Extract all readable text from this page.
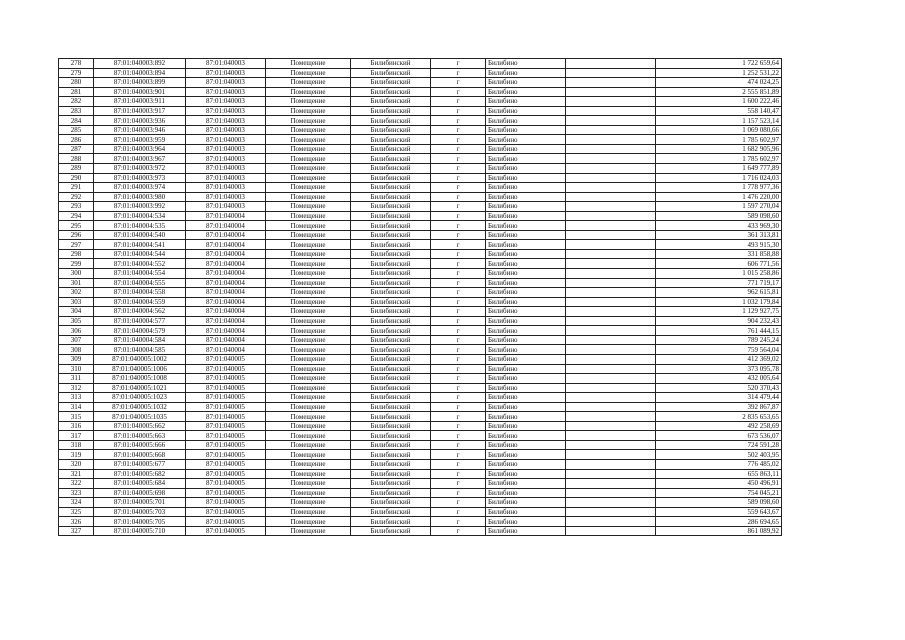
278	87:01:040003:892	87:01:040003	Помещение	Билибинский	г	Билибино		1 722 659,64
279	87:01:040003:894	87:01:040003	Помещение	Билибинский	г	Билибино		1 252 531,22
280	87:01:040003:899	87:01:040003	Помещение	Билибинский	г	Билибино		474 024,25
281	87:01:040003:901	87:01:040003	Помещение	Билибинский	г	Билибино		2 555 851,89
282	87:01:040003:911	87:01:040003	Помещение	Билибинский	г	Билибино		1 600 222,46
283	87:01:040003:917	87:01:040003	Помещение	Билибинский	г	Билибино		558 140,47
284	87:01:040003:936	87:01:040003	Помещение	Билибинский	г	Билибино		1 157 523,14
285	87:01:040003:946	87:01:040003	Помещение	Билибинский	г	Билибино		1 069 080,66
286	87:01:040003:959	87:01:040003	Помещение	Билибинский	г	Билибино		1 785 602,97
287	87:01:040003:964	87:01:040003	Помещение	Билибинский	г	Билибино		1 682 905,96
288	87:01:040003:967	87:01:040003	Помещение	Билибинский	г	Билибино		1 785 602,97
289	87:01:040003:972	87:01:040003	Помещение	Билибинский	г	Билибино		1 649 777,89
290	87:01:040003:973	87:01:040003	Помещение	Билибинский	г	Билибино		1 716 024,03
291	87:01:040003:974	87:01:040003	Помещение	Билибинский	г	Билибино		1 778 977,36
292	87:01:040003:980	87:01:040003	Помещение	Билибинский	г	Билибино		1 476 220,00
293	87:01:040003:992	87:01:040003	Помещение	Билибинский	г	Билибино		1 597 270,04
294	87:01:040004:534	87:01:040004	Помещение	Билибинский	г	Билибино		589 098,60
295	87:01:040004:535	87:01:040004	Помещение	Билибинский	г	Билибино		433 969,30
296	87:01:040004:540	87:01:040004	Помещение	Билибинский	г	Билибино		361 313,81
297	87:01:040004:541	87:01:040004	Помещение	Билибинский	г	Билибино		493 915,30
298	87:01:040004:544	87:01:040004	Помещение	Билибинский	г	Билибино		331 858,88
299	87:01:040004:552	87:01:040004	Помещение	Билибинский	г	Билибино		606 771,56
300	87:01:040004:554	87:01:040004	Помещение	Билибинский	г	Билибино		1 015 258,86
301	87:01:040004:555	87:01:040004	Помещение	Билибинский	г	Билибино		771 719,17
302	87:01:040004:558	87:01:040004	Помещение	Билибинский	г	Билибино		962 615,81
303	87:01:040004:559	87:01:040004	Помещение	Билибинский	г	Билибино		1 032 179,84
304	87:01:040004:562	87:01:040004	Помещение	Билибинский	г	Билибино		1 129 927,75
305	87:01:040004:577	87:01:040004	Помещение	Билибинский	г	Билибино		904 232,43
306	87:01:040004:579	87:01:040004	Помещение	Билибинский	г	Билибино		761 444,15
307	87:01:040004:584	87:01:040004	Помещение	Билибинский	г	Билибино		789 245,24
308	87:01:040004:585	87:01:040004	Помещение	Билибинский	г	Билибино		759 564,04
309	87:01:040005:1002	87:01:040005	Помещение	Билибинский	г	Билибино		412 369,02
310	87:01:040005:1006	87:01:040005	Помещение	Билибинский	г	Билибино		373 095,78
311	87:01:040005:1008	87:01:040005	Помещение	Билибинский	г	Билибино		432 005,64
312	87:01:040005:1021	87:01:040005	Помещение	Билибинский	г	Билибино		520 370,43
313	87:01:040005:1023	87:01:040005	Помещение	Билибинский	г	Билибино		314 479,44
314	87:01:040005:1032	87:01:040005	Помещение	Билибинский	г	Билибино		392 867,87
315	87:01:040005:1035	87:01:040005	Помещение	Билибинский	г	Билибино		2 835 653,65
316	87:01:040005:662	87:01:040005	Помещение	Билибинский	г	Билибино		492 258,69
317	87:01:040005:663	87:01:040005	Помещение	Билибинский	г	Билибино		673 536,07
318	87:01:040005:666	87:01:040005	Помещение	Билибинский	г	Билибино		724 591,28
319	87:01:040005:668	87:01:040005	Помещение	Билибинский	г	Билибино		502 403,95
320	87:01:040005:677	87:01:040005	Помещение	Билибинский	г	Билибино		776 485,02
321	87:01:040005:682	87:01:040005	Помещение	Билибинский	г	Билибино		655 863,11
322	87:01:040005:684	87:01:040005	Помещение	Билибинский	г	Билибино		450 496,91
323	87:01:040005:698	87:01:040005	Помещение	Билибинский	г	Билибино		754 045,21
324	87:01:040005:701	87:01:040005	Помещение	Билибинский	г	Билибино		589 098,60
325	87:01:040005:703	87:01:040005	Помещение	Билибинский	г	Билибино		559 643,67
326	87:01:040005:705	87:01:040005	Помещение	Билибинский	г	Билибино		286 694,65
327	87:01:040005:710	87:01:040005	Помещение	Билибинский	г	Билибино		861 089,92
